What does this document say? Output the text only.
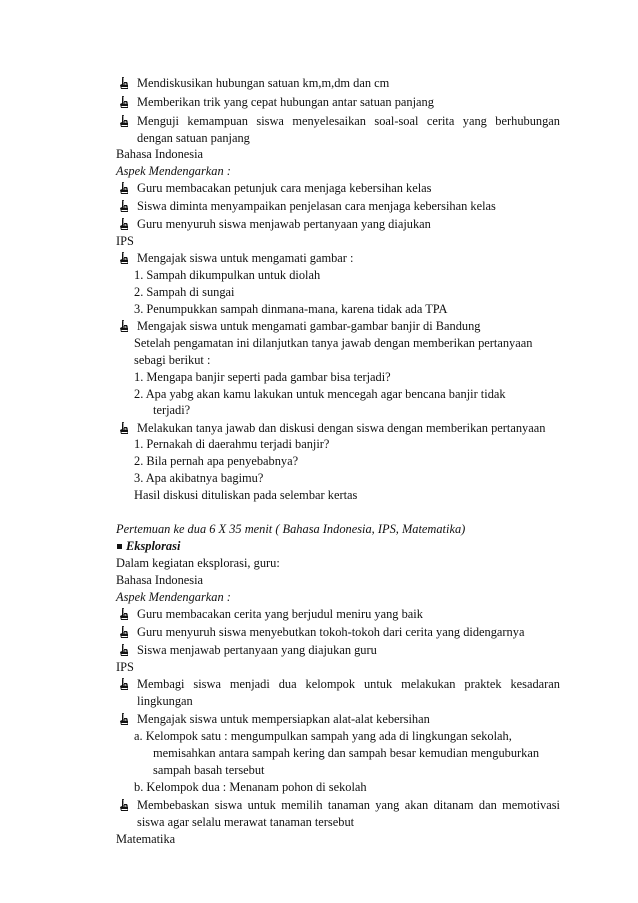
Mendiskusikan hubungan satuan km,m,dm dan cm
Memberikan trik yang cepat hubungan antar satuan panjang
Menguji kemampuan siswa menyelesaikan soal-soal cerita yang berhubungan
dengan satuan panjang
Bahasa Indonesia
Aspek Mendengarkan :
Guru membacakan petunjuk cara menjaga kebersihan kelas
Siswa diminta menyampaikan penjelasan cara menjaga kebersihan kelas
Guru menyuruh siswa menjawab pertanyaan yang diajukan
IPS
Mengajak siswa untuk mengamati gambar :
1. Sampah dikumpulkan untuk diolah
2. Sampah di sungai
3. Penumpukkan sampah dinmana-mana, karena tidak ada TPA
Mengajak siswa untuk mengamati gambar-gambar banjir di Bandung
Setelah pengamatan ini dilanjutkan tanya jawab dengan memberikan pertanyaan
sebagi berikut :
1. Mengapa banjir seperti pada gambar bisa terjadi?
2. Apa yabg akan kamu lakukan untuk mencegah agar bencana banjir tidak
terjadi?
Melakukan tanya jawab dan diskusi dengan siswa dengan memberikan pertanyaan
1. Pernakah di daerahmu terjadi banjir?
2. Bila pernah apa penyebabnya?
3. Apa akibatnya bagimu?
Hasil diskusi dituliskan pada selembar kertas
Pertemuan ke dua 6 X 35 menit ( Bahasa Indonesia, IPS, Matematika)
Eksplorasi
Dalam kegiatan eksplorasi, guru:
Bahasa Indonesia
Aspek Mendengarkan :
Guru membacakan cerita yang berjudul meniru yang baik
Guru menyuruh siswa menyebutkan tokoh-tokoh dari cerita yang didengarnya
Siswa menjawab pertanyaan yang diajukan guru
IPS
Membagi siswa menjadi dua kelompok untuk melakukan praktek kesadaran
lingkungan
Mengajak siswa untuk mempersiapkan alat-alat kebersihan
a. Kelompok satu : mengumpulkan sampah yang ada di lingkungan sekolah,
memisahkan antara sampah kering dan sampah besar kemudian menguburkan
sampah basah tersebut
b. Kelompok dua : Menanam pohon di sekolah
Membebaskan siswa untuk memilih tanaman yang akan ditanam dan memotivasi
siswa agar selalu merawat tanaman tersebut
Matematika
